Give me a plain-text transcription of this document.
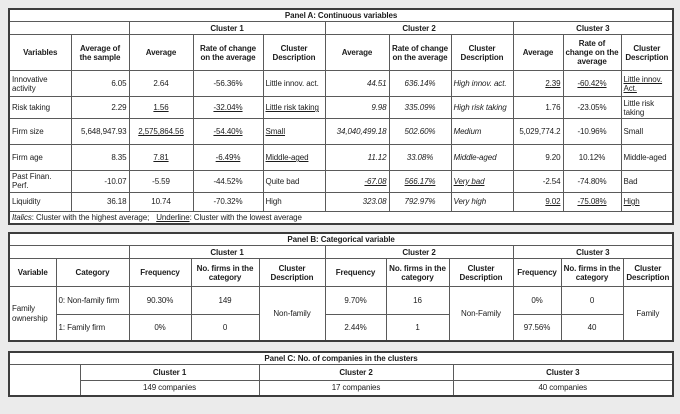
Panel A: Continuous variables										
		Cluster 1			Cluster 2			Cluster 3		
Variables	Average of the sample	Average	Rate of change on the average	Cluster Description	Average	Rate of change on the average	Cluster Description	Average	Rate of change on the average	Cluster Description
Innovative activity	6.05	2.64	-56.36%	Little innov. act.	44.51	636.14%	High innov. act.	2.39	-60.42%	Little innov. Act.
Risk taking	2.29	1.56	-32.04%	Little risk taking	9.98	335.09%	High risk taking	1.76	-23.05%	Little risk taking
Firm size	5,648,947.93	2,575,864.56	-54.40%	Small	34,040,499.18	502.60%	Medium	5,029,774.2	-10.96%	Small
Firm age	8.35	7.81	-6.49%	Middle-aged	11.12	33.08%	Middle-aged	9.20	10.12%	Middle-aged
Past Finan. Perf.	-10.07	-5.59	-44.52%	Quite bad	-67.08	566.17%	Very bad	-2.54	-74.80%	Bad
Liquidity	36.18	10.74	-70.32%	High	323.08	792.97%	Very high	9.02	-75.08%	High
Italics: Cluster with the highest average; Underline: Cluster with the lowest average										
Panel B: Categorical variable										
		Cluster 1			Cluster 2			Cluster 3		
Variable	Category	Frequency	No. firms in the category	Cluster Description	Frequency	No. firms in the category	Cluster Description	Frequency	No. firms in the category	Cluster Description
Family ownership	0: Non-family firm	90.30%	149	Non-family	9.70%	16	Non-Family	0%	0	Family
	1: Family firm	0%	0		2.44%	1		97.56%	40	
Panel C: No. of companies in the clusters			
	Cluster 1	Cluster 2	Cluster 3
	149 companies	17 companies	40 companies
